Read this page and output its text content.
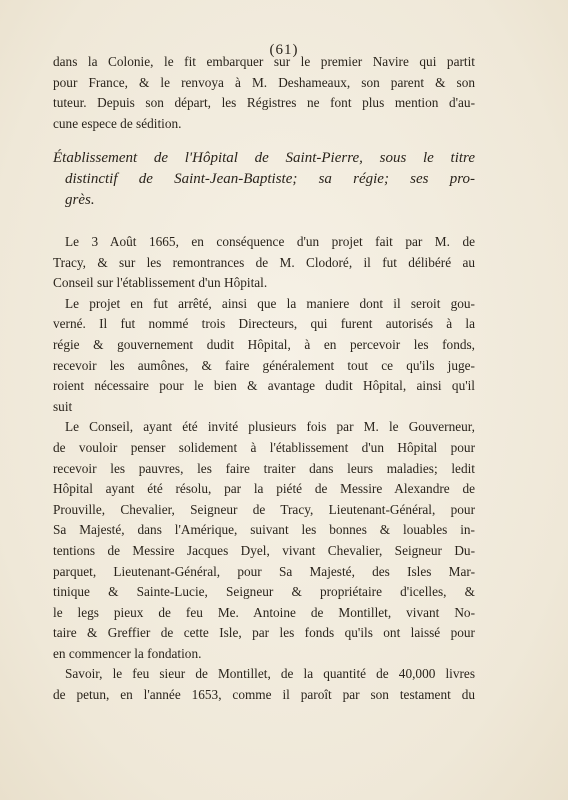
(61)
dans la Colonie, le fit embarquer sur le premier Navire qui partit
pour France, & le renvoya à M. Deshameaux, son parent & son
tuteur. Depuis son départ, les Régistres ne font plus mention d'au-
cune espece de sédition.
Établissement de l'Hôpital de Saint-Pierre, sous le titre
distinctif de Saint-Jean-Baptiste; sa régie; ses pro-
grès.
Le 3 Août 1665, en conséquence d'un projet fait par M. de
Tracy, & sur les remontrances de M. Clodoré, il fut délibéré au
Conseil sur l'établissement d'un Hôpital.
Le projet en fut arrêté, ainsi que la maniere dont il seroit gou-
verné. Il fut nommé trois Directeurs, qui furent autorisés à la
régie & gouvernement dudit Hôpital, à en percevoir les fonds,
recevoir les aumônes, & faire généralement tout ce qu'ils juge-
roient nécessaire pour le bien & avantage dudit Hôpital, ainsi qu'il
suit
Le Conseil, ayant été invité plusieurs fois par M. le Gouverneur,
de vouloir penser solidement à l'établissement d'un Hôpital pour
recevoir les pauvres, les faire traiter dans leurs maladies; ledit
Hôpital ayant été résolu, par la piété de Messire Alexandre de
Prouville, Chevalier, Seigneur de Tracy, Lieutenant-Général, pour
Sa Majesté, dans l'Amérique, suivant les bonnes & louables in-
tentions de Messire Jacques Dyel, vivant Chevalier, Seigneur Du-
parquet, Lieutenant-Général, pour Sa Majesté, des Isles Mar-
tinique & Sainte-Lucie, Seigneur & propriétaire d'icelles, &
le legs pieux de feu Me. Antoine de Montillet, vivant No-
taire & Greffier de cette Isle, par les fonds qu'ils ont laissé pour
en commencer la fondation.
Savoir, le feu sieur de Montillet, de la quantité de 40,000 livres
de petun, en l'année 1653, comme il paroît par son testament du
